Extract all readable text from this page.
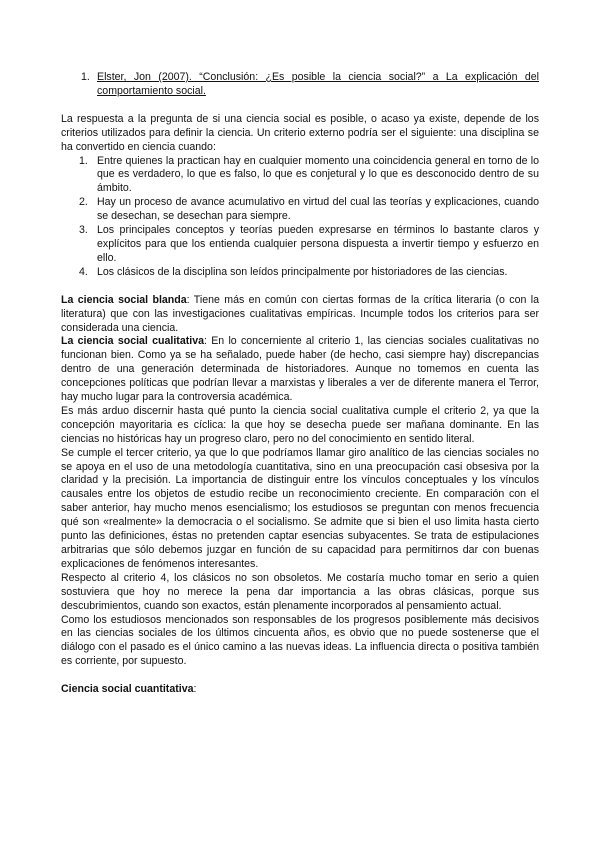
1. Elster, Jon (2007). “Conclusión: ¿Es posible la ciencia social?” a La explicación del comportamiento social.

La respuesta a la pregunta de si una ciencia social es posible, o acaso ya existe, depende de los criterios utilizados para definir la ciencia. Un criterio externo podría ser el siguiente: una disciplina se ha convertido en ciencia cuando:

1. Entre quienes la practican hay en cualquier momento una coincidencia general en torno de lo que es verdadero, lo que es falso, lo que es conjetural y lo que es desconocido dentro de su ámbito.
2. Hay un proceso de avance acumulativo en virtud del cual las teorías y explicaciones, cuando se desechan, se desechan para siempre.
3. Los principales conceptos y teorías pueden expresarse en términos lo bastante claros y explícitos para que los entienda cualquier persona dispuesta a invertir tiempo y esfuerzo en ello.
4. Los clásicos de la disciplina son leídos principalmente por historiadores de las ciencias.

La ciencia social blanda: Tiene más en común con ciertas formas de la crítica literaria (o con la literatura) que con las investigaciones cualitativas empíricas. Incumple todos los criterios para ser considerada una ciencia.

La ciencia social cualitativa: En lo concerniente al criterio 1, las ciencias sociales cualitativas no funcionan bien. Como ya se ha señalado, puede haber (de hecho, casi siempre hay) discrepancias dentro de una generación determinada de historiadores. Aunque no tomemos en cuenta las concepciones políticas que podrían llevar a marxistas y liberales a ver de diferente manera el Terror, hay mucho lugar para la controversia académica.

Es más arduo discernir hasta qué punto la ciencia social cualitativa cumple el criterio 2, ya que la concepción mayoritaria es cíclica: la que hoy se desecha puede ser mañana dominante. En las ciencias no históricas hay un progreso claro, pero no del conocimiento en sentido literal.

Se cumple el tercer criterio, ya que lo que podríamos llamar giro analítico de las ciencias sociales no se apoya en el uso de una metodología cuantitativa, sino en una preocupación casi obsesiva por la claridad y la precisión. La importancia de distinguir entre los vínculos conceptuales y los vínculos causales entre los objetos de estudio recibe un reconocimiento creciente. En comparación con el saber anterior, hay mucho menos esencialismo; los estudiosos se preguntan con menos frecuencia qué son «realmente» la democracia o el socialismo. Se admite que si bien el uso limita hasta cierto punto las definiciones, éstas no pretenden captar esencias subyacentes. Se trata de estipulaciones arbitrarias que sólo debemos juzgar en función de su capacidad para permitirnos dar con buenas explicaciones de fenómenos interesantes.

Respecto al criterio 4, los clásicos no son obsoletos. Me costaría mucho tomar en serio a quien sostuviera que hoy no merece la pena dar importancia a las obras clásicas, porque sus descubrimientos, cuando son exactos, están plenamente incorporados al pensamiento actual.

Como los estudiosos mencionados son responsables de los progresos posiblemente más decisivos en las ciencias sociales de los últimos cincuenta años, es obvio que no puede sostenerse que el diálogo con el pasado es el único camino a las nuevas ideas. La influencia directa o positiva también es corriente, por supuesto.

Ciencia social cuantitativa:
